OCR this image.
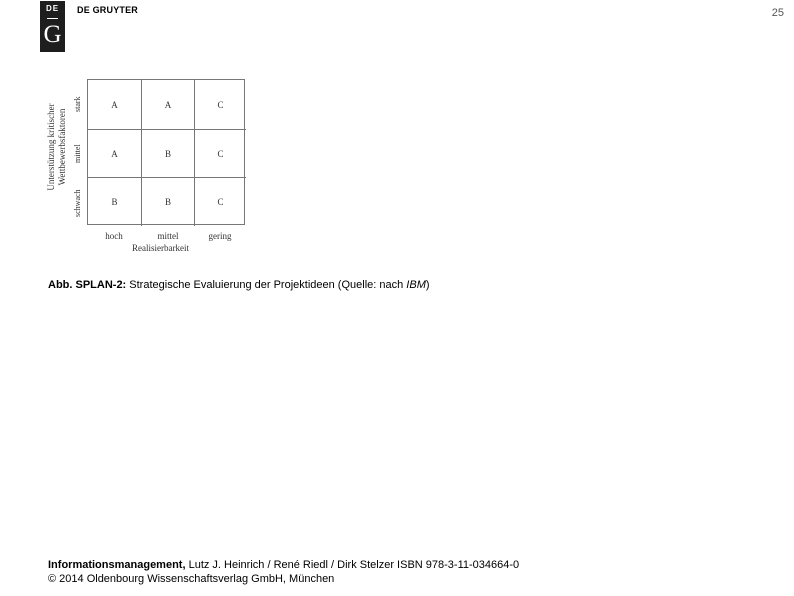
DE
G
DE GRUYTER	25
Unterstützung kritischer Wettbewerbsfaktoren
stark
mittel
schwach
A	A	C
A	B	C
B	B	C
hoch	mittel	gering
Realisierbarkeit
Abb. SPLAN-2: Strategische Evaluierung der Projektideen (Quelle: nach IBM)
Informationsmanagement, Lutz J. Heinrich / René Riedl / Dirk Stelzer ISBN 978-3-11-034664-0
© 2014 Oldenbourg Wissenschaftsverlag GmbH, München
